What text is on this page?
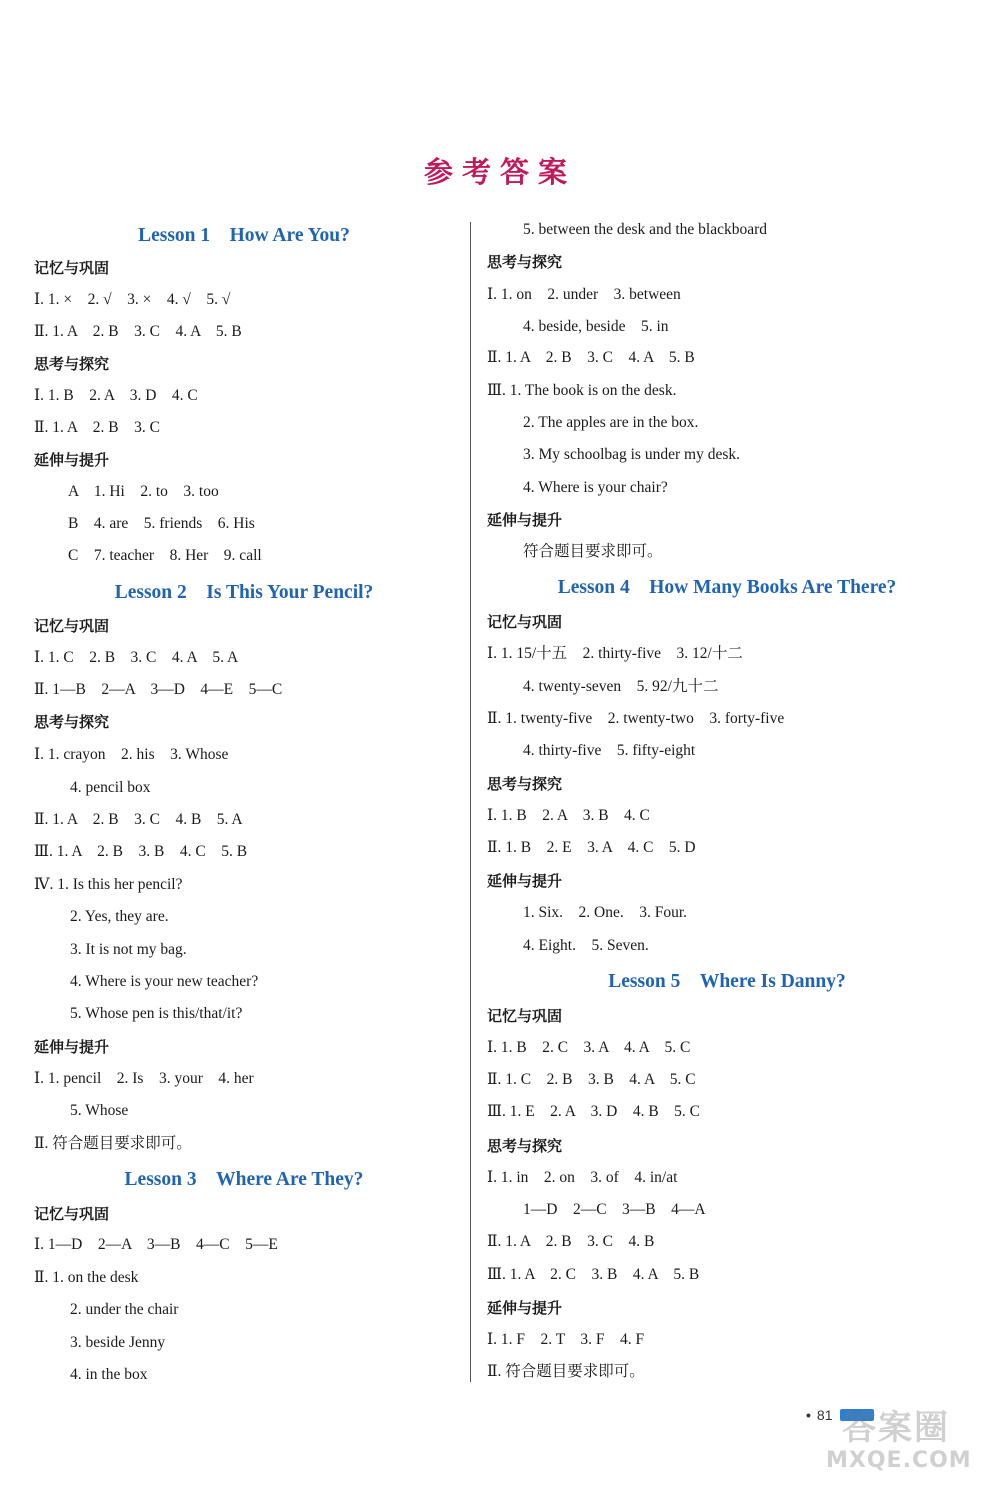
参考答案
Lesson 1　How Are You?
记忆与巩固
Ⅰ. 1. ×　2. √　3. ×　4. √　5. √
Ⅱ. 1. A　2. B　3. C　4. A　5. B
思考与探究
Ⅰ. 1. B　2. A　3. D　4. C
Ⅱ. 1. A　2. B　3. C
延伸与提升
A　1. Hi　2. to　3. too
B　4. are　5. friends　6. His
C　7. teacher　8. Her　9. call
Lesson 2　Is This Your Pencil?
记忆与巩固
Ⅰ. 1. C　2. B　3. C　4. A　5. A
Ⅱ. 1—B　2—A　3—D　4—E　5—C
思考与探究
Ⅰ. 1. crayon　2. his　3. Whose
4. pencil box
Ⅱ. 1. A　2. B　3. C　4. B　5. A
Ⅲ. 1. A　2. B　3. B　4. C　5. B
Ⅳ. 1. Is this her pencil?
2. Yes, they are.
3. It is not my bag.
4. Where is your new teacher?
5. Whose pen is this/that/it?
延伸与提升
Ⅰ. 1. pencil　2. Is　3. your　4. her
5. Whose
Ⅱ. 符合题目要求即可。
Lesson 3　Where Are They?
记忆与巩固
Ⅰ. 1—D　2—A　3—B　4—C　5—E
Ⅱ. 1. on the desk
2. under the chair
3. beside Jenny
4. in the box
5. between the desk and the blackboard
思考与探究
Ⅰ. 1. on　2. under　3. between
4. beside, beside　5. in
Ⅱ. 1. A　2. B　3. C　4. A　5. B
Ⅲ. 1. The book is on the desk.
2. The apples are in the box.
3. My schoolbag is under my desk.
4. Where is your chair?
延伸与提升
符合题目要求即可。
Lesson 4　How Many Books Are There?
记忆与巩固
Ⅰ. 1. 15/十五　2. thirty-five　3. 12/十二
4. twenty-seven　5. 92/九十二
Ⅱ. 1. twenty-five　2. twenty-two　3. forty-five
4. thirty-five　5. fifty-eight
思考与探究
Ⅰ. 1. B　2. A　3. B　4. C
Ⅱ. 1. B　2. E　3. A　4. C　5. D
延伸与提升
1. Six.　2. One.　3. Four.
4. Eight.　5. Seven.
Lesson 5　Where Is Danny?
记忆与巩固
Ⅰ. 1. B　2. C　3. A　4. A　5. C
Ⅱ. 1. C　2. B　3. B　4. A　5. C
Ⅲ. 1. E　2. A　3. D　4. B　5. C
思考与探究
Ⅰ. 1. in　2. on　3. of　4. in/at
1—D　2—C　3—B　4—A
Ⅱ. 1. A　2. B　3. C　4. B
Ⅲ. 1. A　2. C　3. B　4. A　5. B
延伸与提升
Ⅰ. 1. F　2. T　3. F　4. F
Ⅱ. 符合题目要求即可。
• 81 答案圈
MXQE.COM
